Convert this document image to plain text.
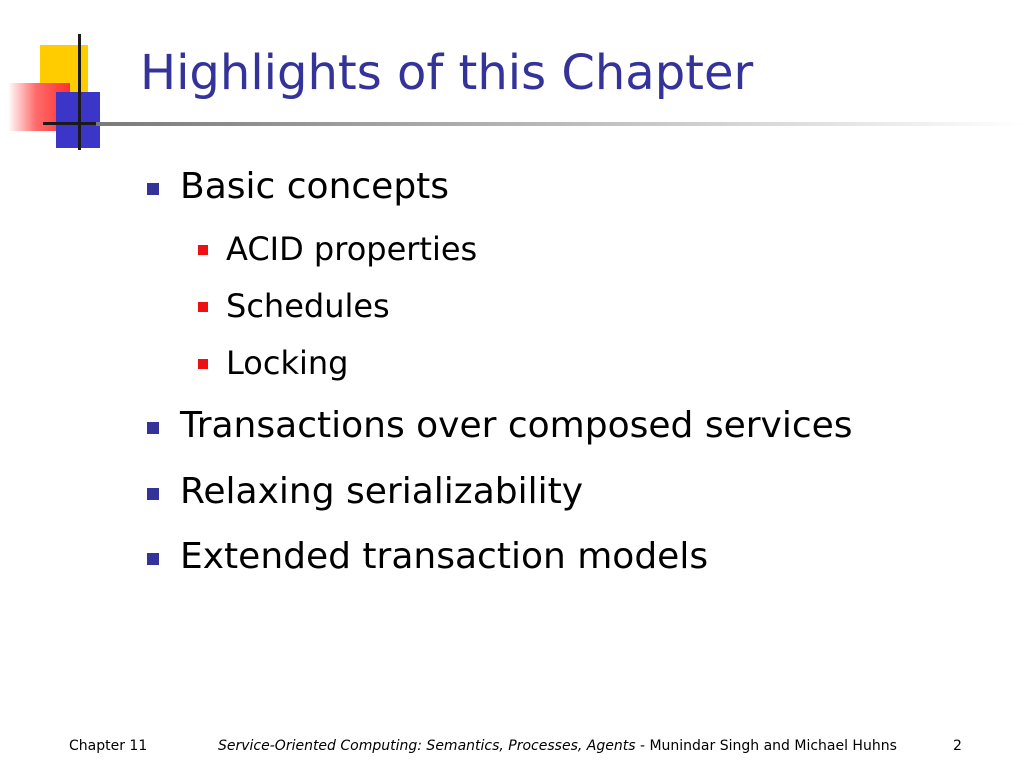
Highlights of this Chapter
Basic concepts
ACID properties
Schedules
Locking
Transactions over composed services
Relaxing serializability
Extended transaction models
Chapter 11	Service-Oriented Computing: Semantics, Processes, Agents - Munindar Singh and Michael Huhns	2
